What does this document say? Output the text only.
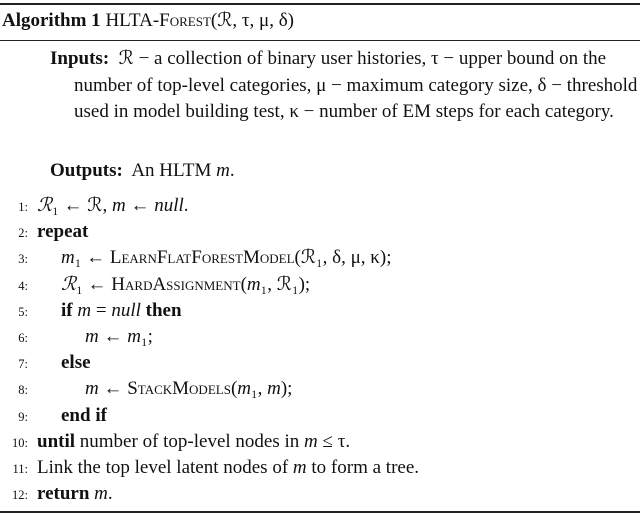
Algorithm 1 HLTA-Forest(ℛ, τ, μ, δ)
Inputs: ℛ − a collection of binary user histories, τ − upper bound on the number of top-level categories, μ − maximum category size, δ − threshold used in model building test, κ − number of EM steps for each category.
Outputs: An HLTM m.
1: ℛ₁ ← ℛ, m ← null.
2: repeat
3: m₁ ← LearnFlatForestModel(ℛ₁, δ, μ, κ);
4: ℛ₁ ← HardAssignment(m₁, ℛ₁);
5: if m = null then
6:	m ← m₁;
7: else
8:	m ← StackModels(m₁, m);
9: end if
10: until number of top-level nodes in m ≤ τ.
11: Link the top level latent nodes of m to form a tree.
12: return m.
